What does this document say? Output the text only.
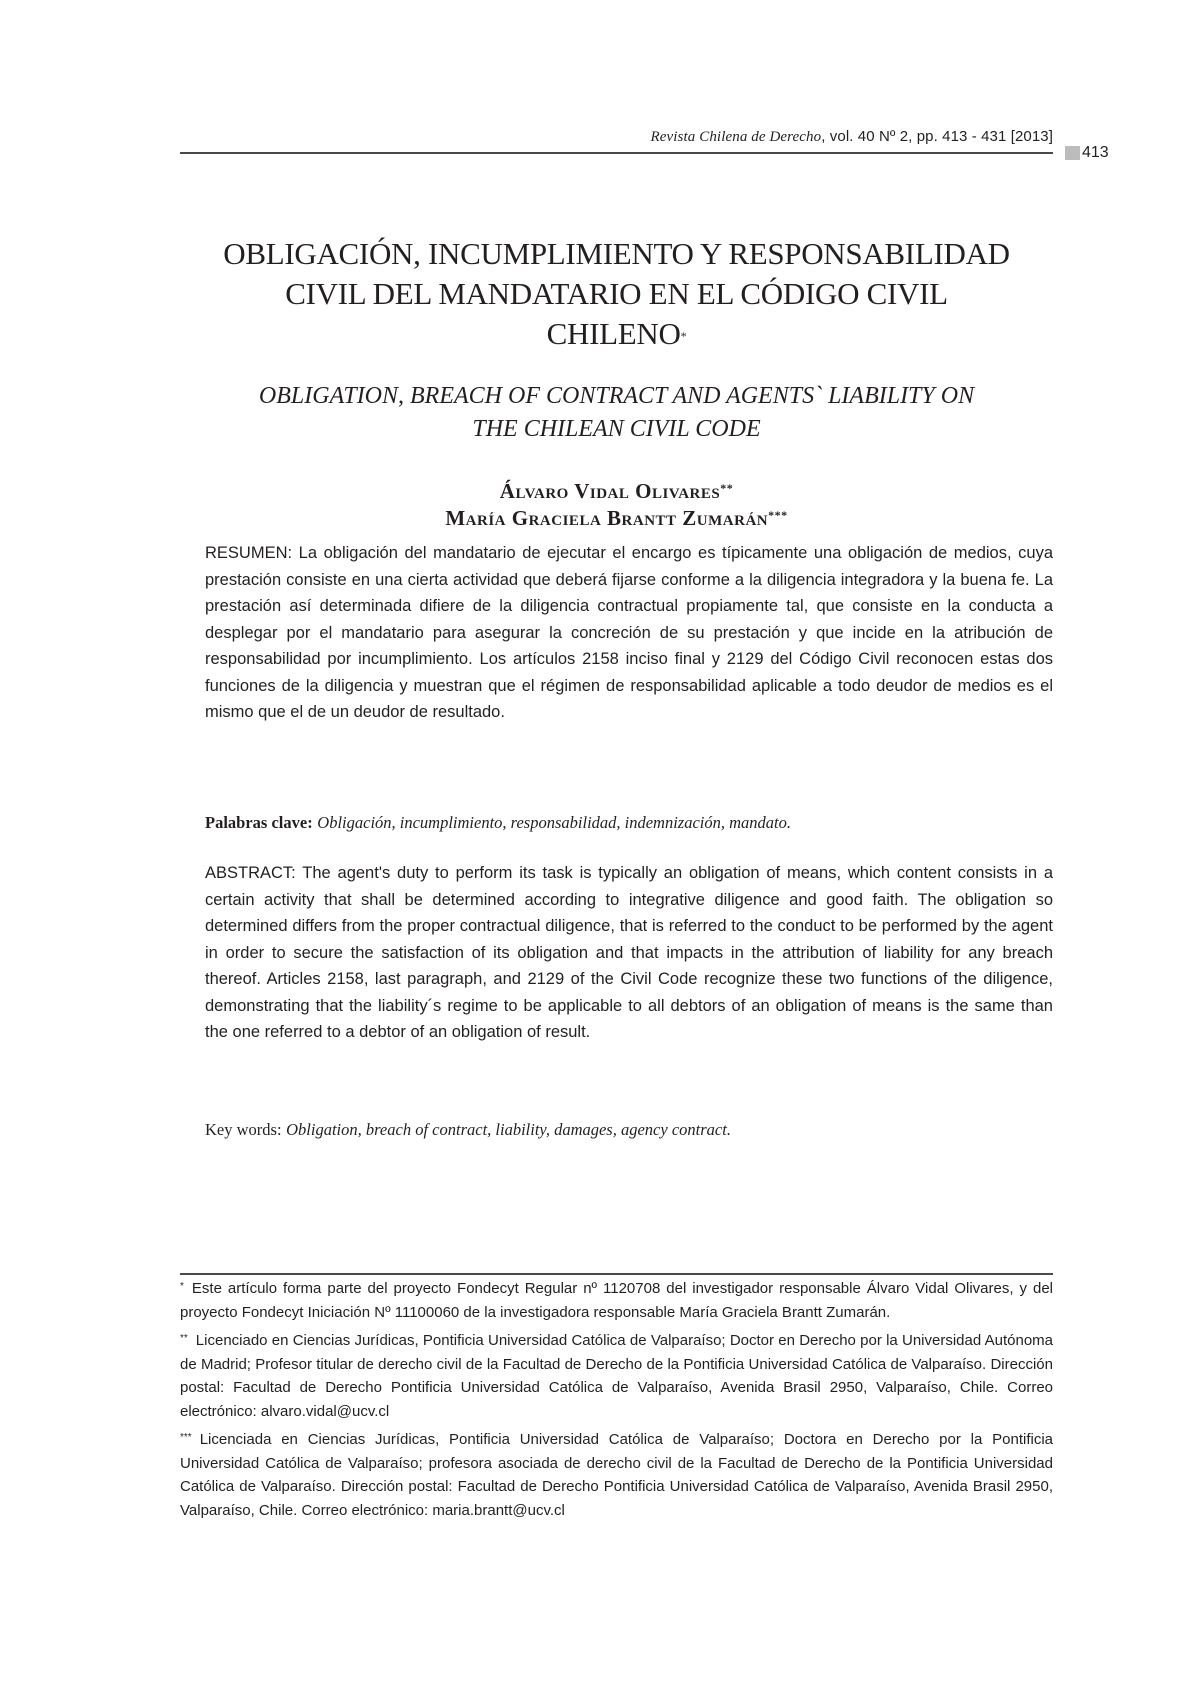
Revista Chilena de Derecho, vol. 40 Nº 2, pp. 413 - 431 [2013]
413
OBLIGACIÓN, INCUMPLIMIENTO Y RESPONSABILIDAD
CIVIL DEL MANDATARIO EN EL CÓDIGO CIVIL
CHILENO*
OBLIGATION, BREACH OF CONTRACT AND AGENTS` LIABILITY ON
THE CHILEAN CIVIL CODE
Álvaro Vidal Olivares**
María Graciela Brantt Zumarán***
RESUMEN: La obligación del mandatario de ejecutar el encargo es típicamente una obligación de medios, cuya prestación consiste en una cierta actividad que deberá fijarse conforme a la diligencia integradora y la buena fe. La prestación así determinada difiere de la diligencia contractual propiamente tal, que consiste en la conducta a desplegar por el mandatario para asegurar la concreción de su prestación y que incide en la atribución de responsabilidad por incumplimiento. Los artículos 2158 inciso final y 2129 del Código Civil reconocen estas dos funciones de la diligencia y muestran que el régimen de responsabilidad aplicable a todo deudor de medios es el mismo que el de un deudor de resultado.
Palabras clave: Obligación, incumplimiento, responsabilidad, indemnización, mandato.
ABSTRACT: The agent's duty to perform its task is typically an obligation of means, which content consists in a certain activity that shall be determined according to integrative diligence and good faith. The obligation so determined differs from the proper contractual diligence, that is referred to the conduct to be performed by the agent in order to secure the satisfaction of its obligation and that impacts in the attribution of liability for any breach thereof. Articles 2158, last paragraph, and 2129 of the Civil Code recognize these two functions of the diligence, demonstrating that the liability´s regime to be applicable to all debtors of an obligation of means is the same than the one referred to a debtor of an obligation of result.
Key words: Obligation, breach of contract, liability, damages, agency contract.
* Este artículo forma parte del proyecto Fondecyt Regular nº 1120708 del investigador responsable Álvaro Vidal Olivares, y del proyecto Fondecyt Iniciación Nº 11100060 de la investigadora responsable María Graciela Brantt Zumarán.
** Licenciado en Ciencias Jurídicas, Pontificia Universidad Católica de Valparaíso; Doctor en Derecho por la Universidad Autónoma de Madrid; Profesor titular de derecho civil de la Facultad de Derecho de la Pontificia Universidad Católica de Valparaíso. Dirección postal: Facultad de Derecho Pontificia Universidad Católica de Valparaíso, Avenida Brasil 2950, Valparaíso, Chile. Correo electrónico: alvaro.vidal@ucv.cl
*** Licenciada en Ciencias Jurídicas, Pontificia Universidad Católica de Valparaíso; Doctora en Derecho por la Pontificia Universidad Católica de Valparaíso; profesora asociada de derecho civil de la Facultad de Derecho de la Pontificia Universidad Católica de Valparaíso. Dirección postal: Facultad de Derecho Pontificia Universidad Católica de Valparaíso, Avenida Brasil 2950, Valparaíso, Chile. Correo electrónico: maria.brantt@ucv.cl
